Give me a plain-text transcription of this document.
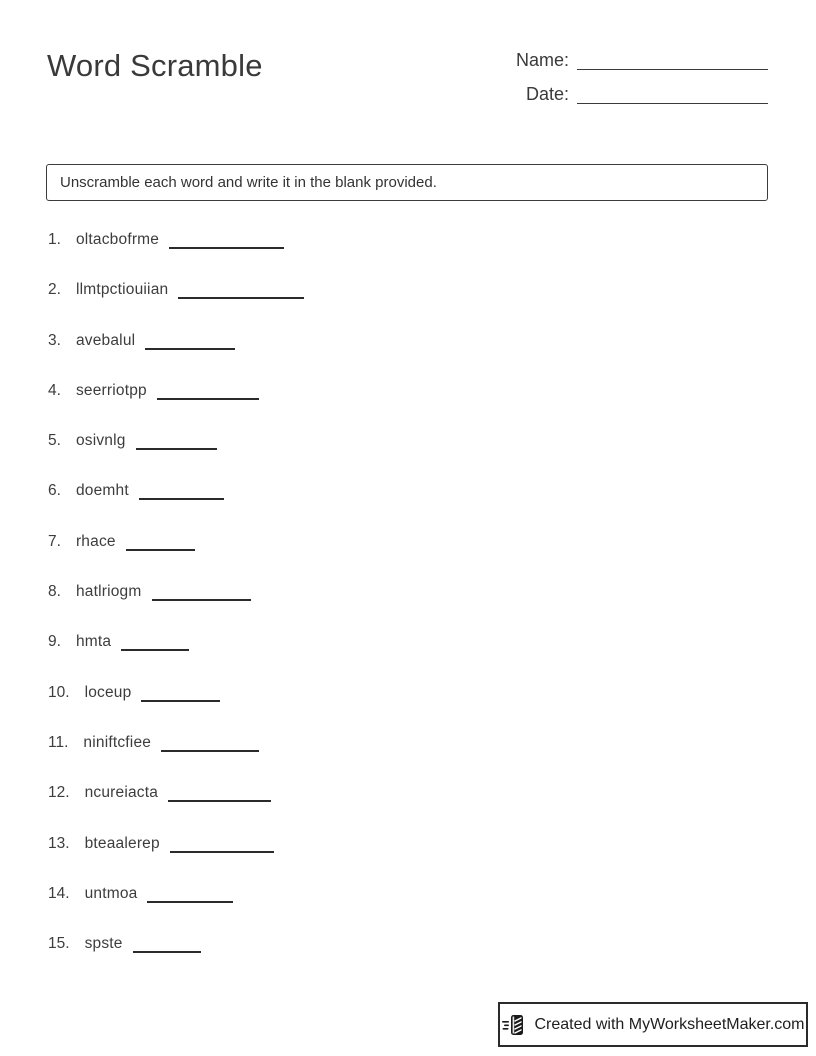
Word Scramble	Name:
Date:
Unscramble each word and write it in the blank provided.
1. oltacbofrme
2. llmtpctiouiian
3. avebalul
4. seerriotpp
5. osivnlg
6. doemht
7. rhace
8. hatlriogm
9. hmta
10. loceup
11. niniftcfiee
12. ncureiacta
13. bteaalerep
14. untmoa
15. spste
Created with MyWorksheetMaker.com
